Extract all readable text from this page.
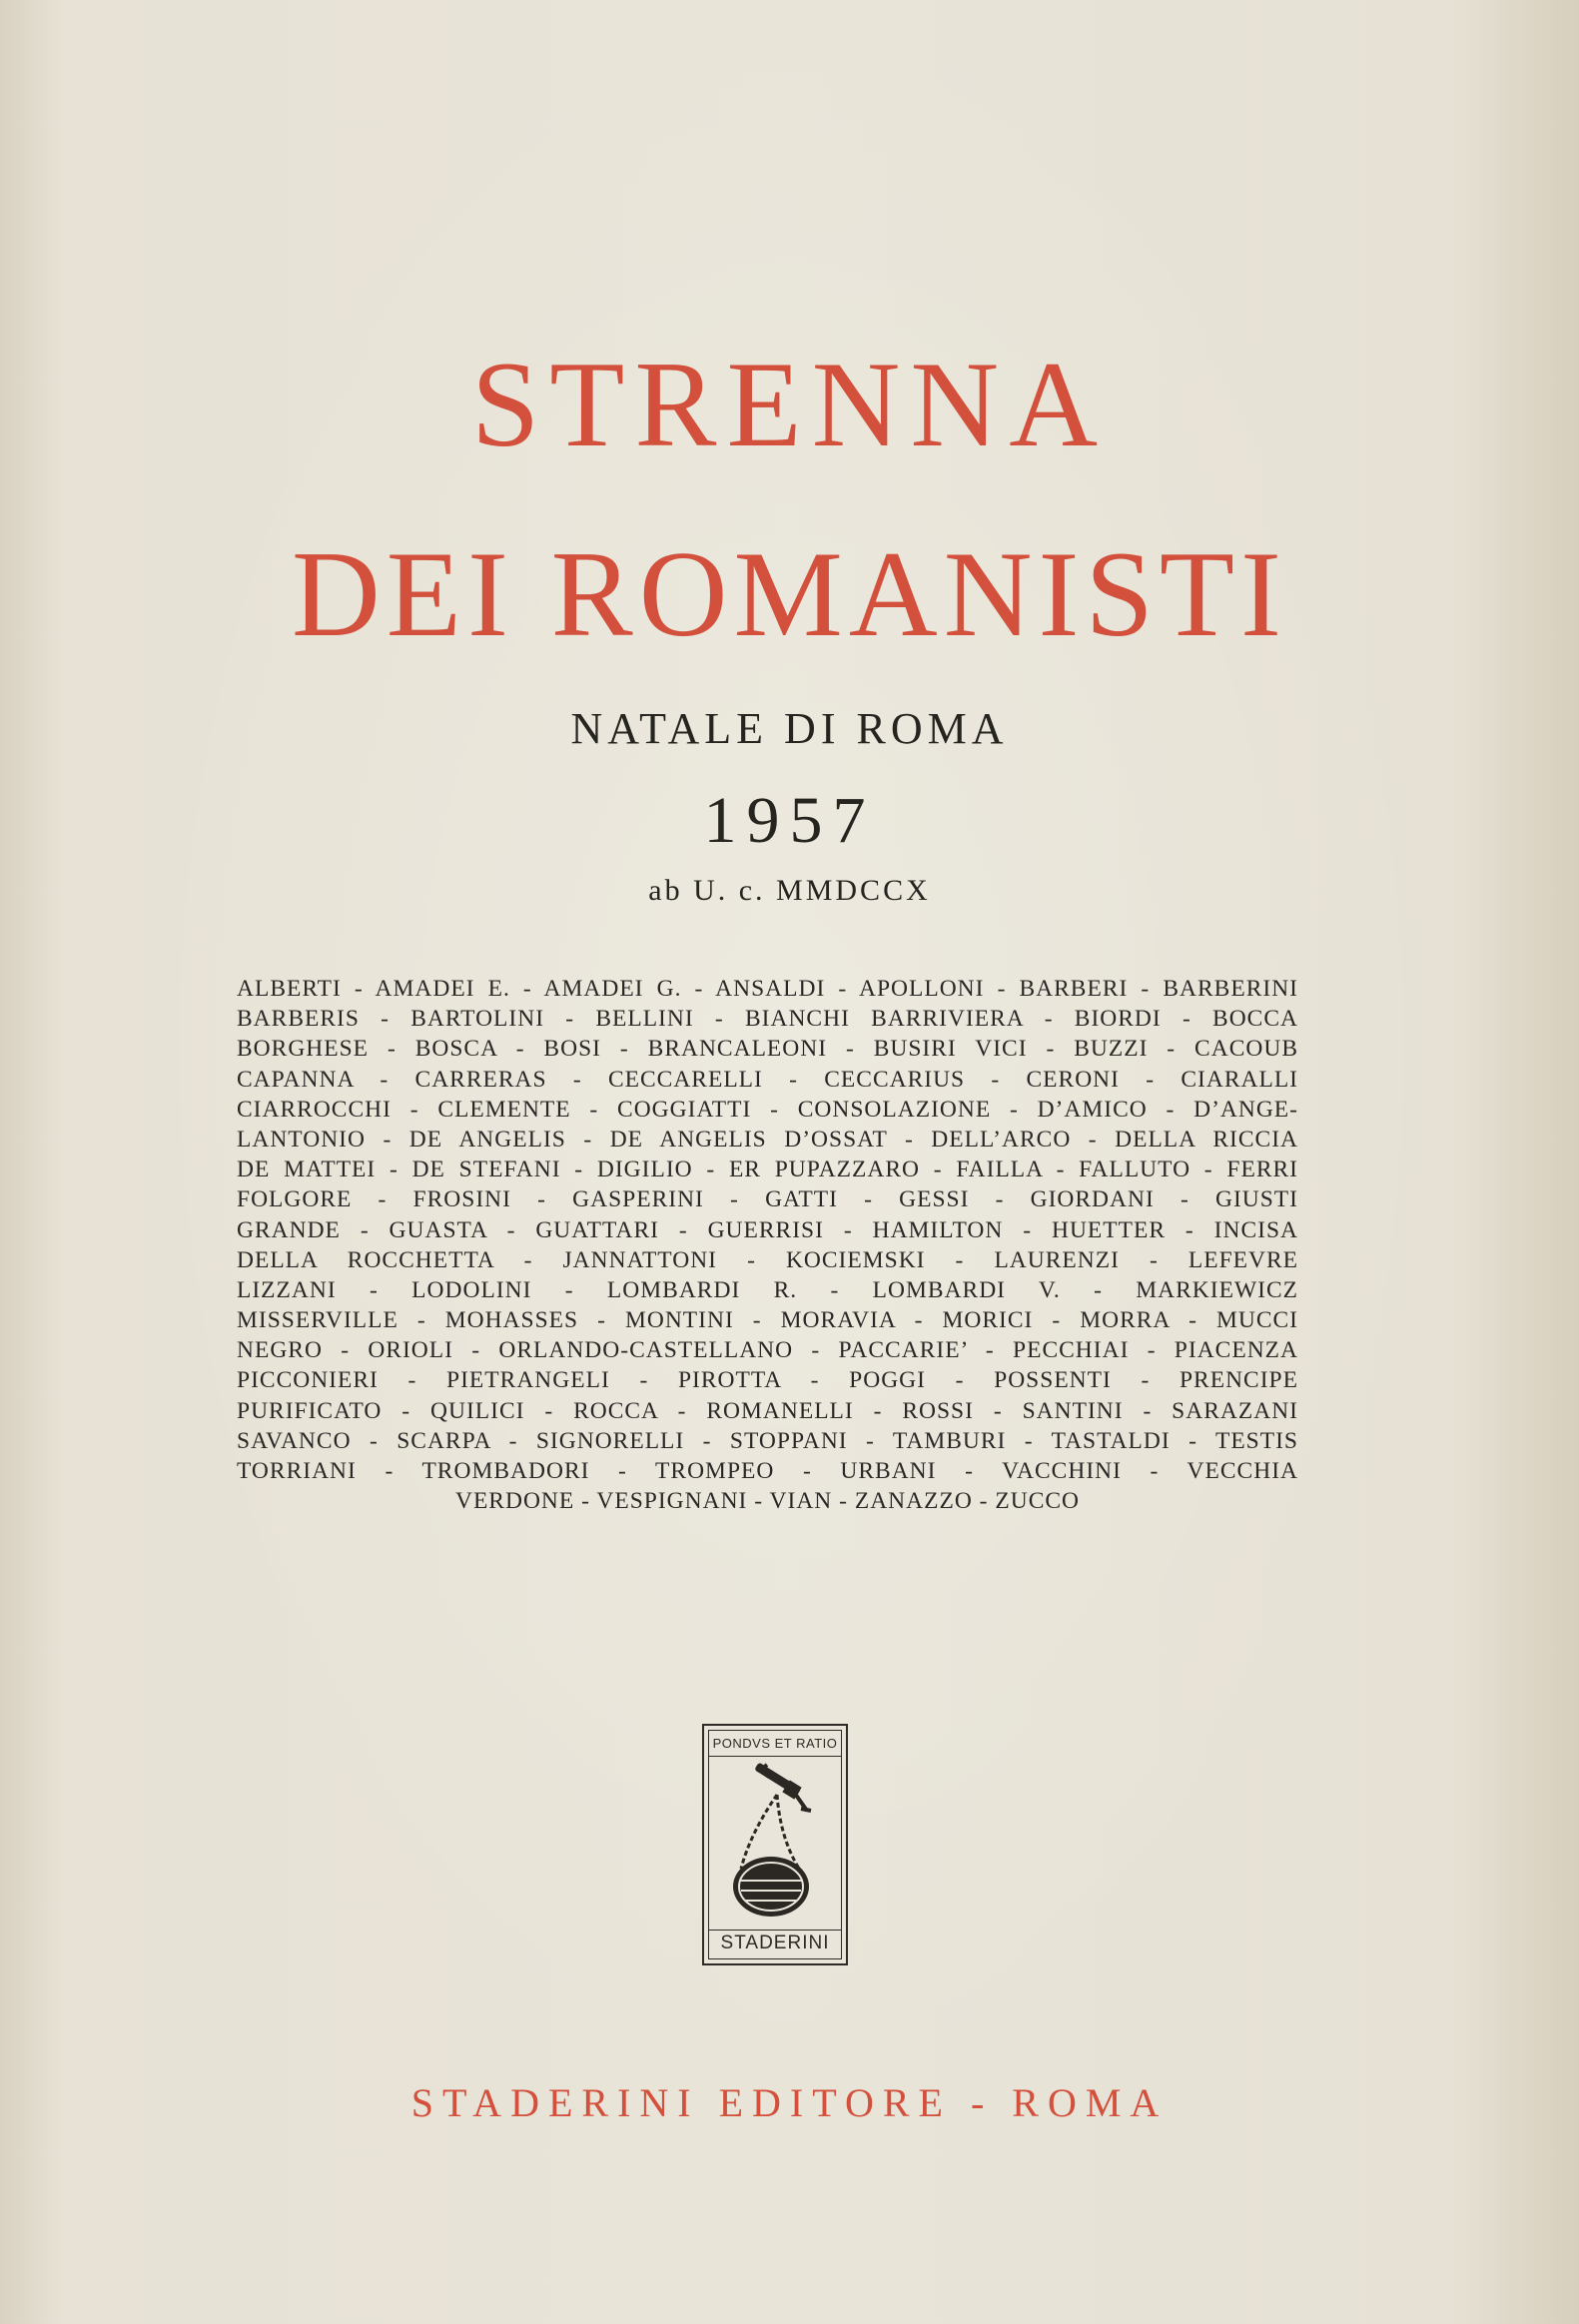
STRENNA
DEI ROMANISTI
NATALE DI ROMA
1957
ab U. c. MMDCCX
ALBERTI - AMADEI E. - AMADEI G. - ANSALDI - APOLLONI - BARBERI - BARBERINI
BARBERIS - BARTOLINI - BELLINI - BIANCHI BARRIVIERA - BIORDI - BOCCA
BORGHESE - BOSCA - BOSI - BRANCALEONI - BUSIRI VICI - BUZZI - CACOUB
CAPANNA - CARRERAS - CECCARELLI - CECCARIUS - CERONI - CIARALLI
CIARROCCHI - CLEMENTE - COGGIATTI - CONSOLAZIONE - D’AMICO - D’ANGE-
LANTONIO - DE ANGELIS - DE ANGELIS D’OSSAT - DELL’ARCO - DELLA RICCIA
DE MATTEI - DE STEFANI - DIGILIO - ER PUPAZZARO - FAILLA - FALLUTO - FERRI
FOLGORE - FROSINI - GASPERINI - GATTI - GESSI - GIORDANI - GIUSTI
GRANDE - GUASTA - GUATTARI - GUERRISI - HAMILTON - HUETTER - INCISA
DELLA ROCCHETTA - JANNATTONI - KOCIEMSKI - LAURENZI - LEFEVRE
LIZZANI - LODOLINI - LOMBARDI R. - LOMBARDI V. - MARKIEWICZ
MISSERVILLE - MOHASSES - MONTINI - MORAVIA - MORICI - MORRA - MUCCI
NEGRO - ORIOLI - ORLANDO-CASTELLANO - PACCARIE’ - PECCHIAI - PIACENZA
PICCONIERI - PIETRANGELI - PIROTTA - POGGI - POSSENTI - PRENCIPE
PURIFICATO - QUILICI - ROCCA - ROMANELLI - ROSSI - SANTINI - SARAZANI
SAVANCO - SCARPA - SIGNORELLI - STOPPANI - TAMBURI - TASTALDI - TESTIS
TORRIANI - TROMBADORI - TROMPEO - URBANI - VACCHINI - VECCHIA
VERDONE - VESPIGNANI - VIAN - ZANAZZO - ZUCCO
PONDVS ET RATIO
STADERINI
STADERINI EDITORE - ROMA
